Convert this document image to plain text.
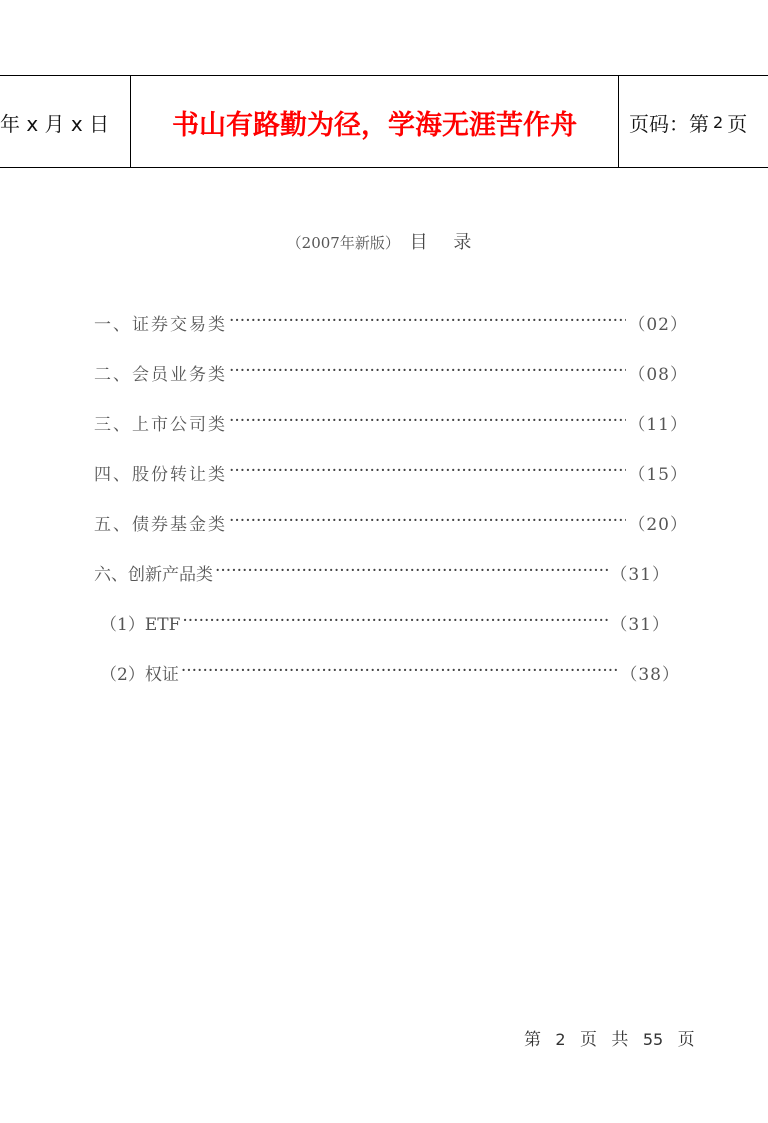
年 x 月 x 日	书山有路勤为径，学海无涯苦作舟	页码：第 2 页
（2007年新版） 目 录
一、证券交易类 ·····	（02）
二、会员业务类 ·····	（08）
三、上市公司类 ·····	（11）
四、股份转让类 ·····	（15）
五、债券基金类 ·····	（20）
六、创新产品类 ·····	（31）
（1）ETF ·····	（31）
（2）权证 ·····	（38）
第 2 页 共 55 页
